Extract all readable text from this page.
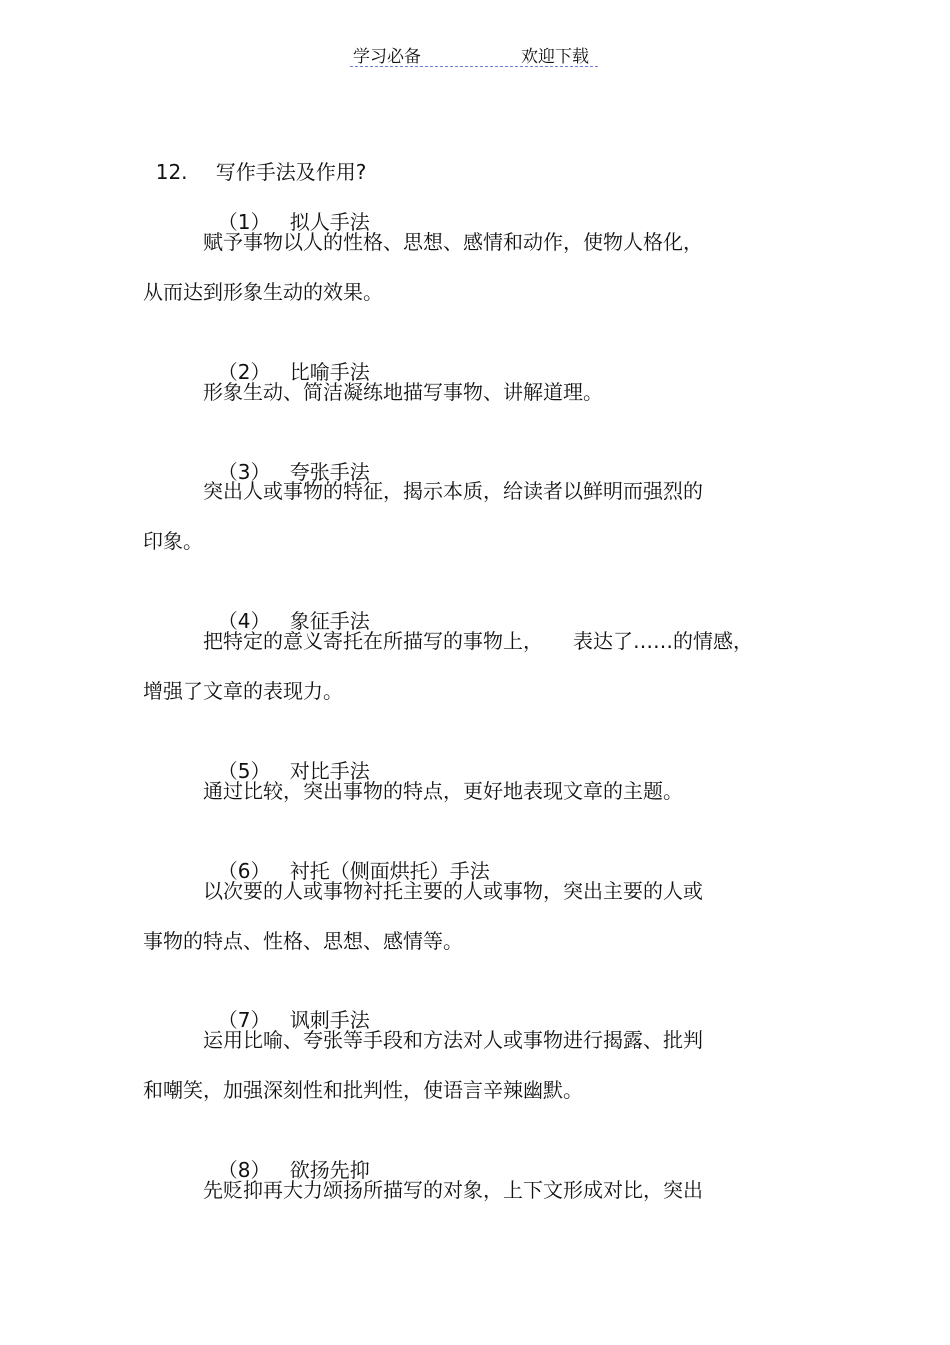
学习必备	欢迎下载

12. 写作手法及作用?

（1） 拟人手法

赋予事物以人的性格、思想、感情和动作，使物人格化，
从而达到形象生动的效果。

（2） 比喻手法

形象生动、简洁凝练地描写事物、讲解道理。

（3） 夸张手法

突出人或事物的特征，揭示本质，给读者以鲜明而强烈的
印象。

（4） 象征手法

把特定的意义寄托在所描写的事物上，　　表达了……的情感，
增强了文章的表现力。

（5） 对比手法

通过比较，突出事物的特点，更好地表现文章的主题。

（6） 衬托（侧面烘托）手法

以次要的人或事物衬托主要的人或事物，突出主要的人或
事物的特点、性格、思想、感情等。

（7） 讽刺手法

运用比喻、夸张等手段和方法对人或事物进行揭露、批判
和嘲笑，加强深刻性和批判性，使语言辛辣幽默。

（8） 欲扬先抑

先贬抑再大力颂扬所描写的对象，上下文形成对比，突出
